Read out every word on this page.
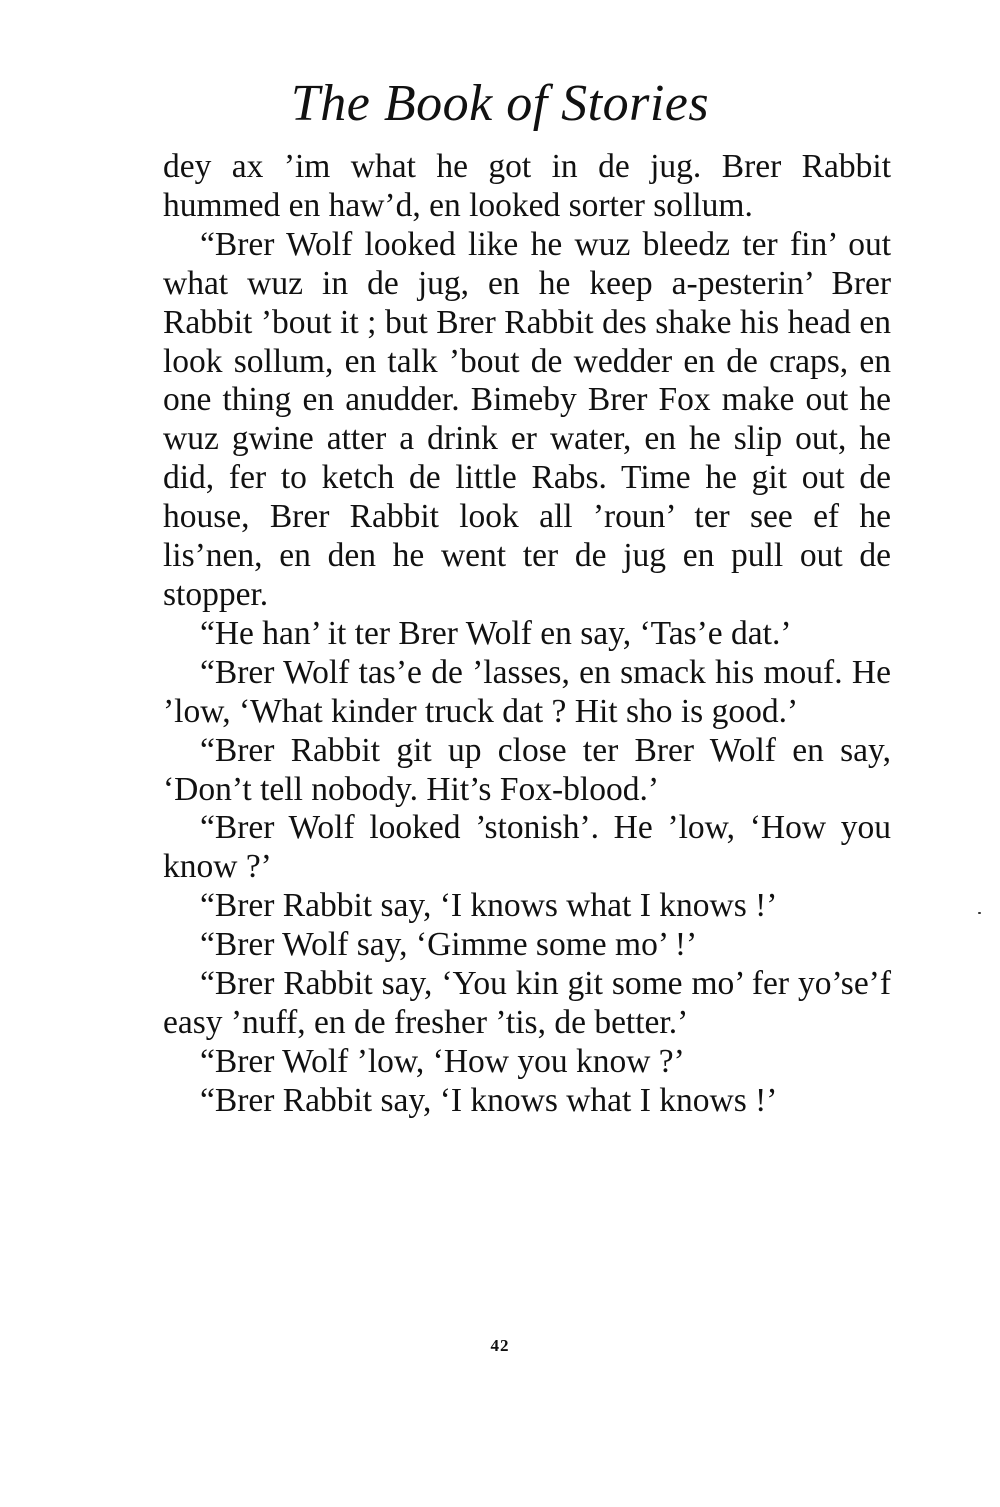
The Book of Stories

dey ax ’im what he got in de jug. Brer Rabbit hummed en haw’d, en looked sorter sollum.

“Brer Wolf looked like he wuz bleedz ter fin’ out what wuz in de jug, en he keep a-pesterin’ Brer Rabbit ’bout it ; but Brer Rabbit des shake his head en look sollum, en talk ’bout de wedder en de craps, en one thing en anudder. Bimeby Brer Fox make out he wuz gwine atter a drink er water, en he slip out, he did, fer to ketch de little Rabs. Time he git out de house, Brer Rabbit look all ’roun’ ter see ef he lis’nen, en den he went ter de jug en pull out de stopper.

“He han’ it ter Brer Wolf en say, ‘Tas’e dat.’

“Brer Wolf tas’e de ’lasses, en smack his mouf. He ’low, ‘What kinder truck dat ? Hit sho is good.’

“Brer Rabbit git up close ter Brer Wolf en say, ‘Don’t tell nobody. Hit’s Fox-blood.’

“Brer Wolf looked ’stonish’. He ’low, ‘How you know ?’

“Brer Rabbit say, ‘I knows what I knows !’

“Brer Wolf say, ‘Gimme some mo’ !’

“Brer Rabbit say, ‘You kin git some mo’ fer yo’se’f easy ’nuff, en de fresher ’tis, de better.’

“Brer Wolf ’low, ‘How you know ?’

“Brer Rabbit say, ‘I knows what I knows !’

42
